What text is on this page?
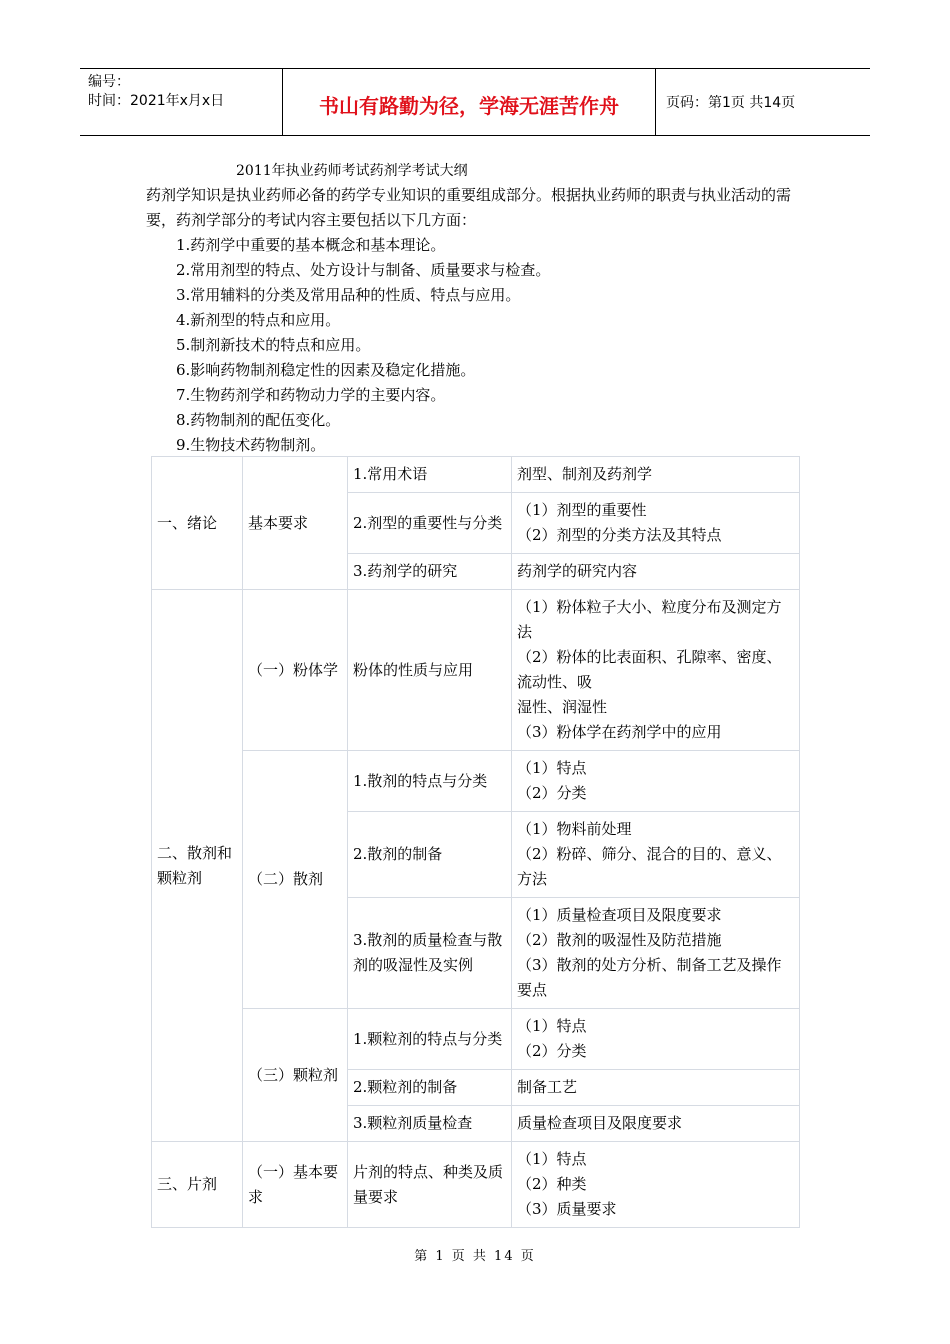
编号：
时间：2021年x月x日	书山有路勤为径，学海无涯苦作舟	页码：第1页 共14页
2011年执业药师考试药剂学考试大纲
药剂学知识是执业药师必备的药学专业知识的重要组成部分。根据执业药师的职责与执业活动的需要，药剂学部分的考试内容主要包括以下几方面：
1.药剂学中重要的基本概念和基本理论。
2.常用剂型的特点、处方设计与制备、质量要求与检查。
3.常用辅料的分类及常用品种的性质、特点与应用。
4.新剂型的特点和应用。
5.制剂新技术的特点和应用。
6.影响药物制剂稳定性的因素及稳定化措施。
7.生物药剂学和药物动力学的主要内容。
8.药物制剂的配伍变化。
9.生物技术药物制剂。
一、绪论	基本要求	1.常用术语	剂型、制剂及药剂学
		2.剂型的重要性与分类	（1）剂型的重要性
（2）剂型的分类方法及其特点

		3.药剂学的研究	药剂学的研究内容
二、散剂和颗粒剂	（一）粉体学	粉体的性质与应用	（1）粉体粒子大小、粒度分布及测定方法
（2）粉体的比表面积、孔隙率、密度、流动性、吸
湿性、润湿性
（3）粉体学在药剂学中的应用

	（二）散剂	1.散剂的特点与分类	（1）特点
（2）分类

		2.散剂的制备	（1）物料前处理
（2）粉碎、筛分、混合的目的、意义、方法

		3.散剂的质量检查与散剂的吸湿性及实例	（1）质量检查项目及限度要求
（2）散剂的吸湿性及防范措施
（3）散剂的处方分析、制备工艺及操作要点

	（三）颗粒剂	1.颗粒剂的特点与分类	（1）特点
（2）分类

		2.颗粒剂的制备	制备工艺
		3.颗粒剂质量检查	质量检查项目及限度要求
三、片剂	（一）基本要求	片剂的特点、种类及质
量要求	（1）特点
（2）种类
（3）质量要求
第 1 页 共 14 页
